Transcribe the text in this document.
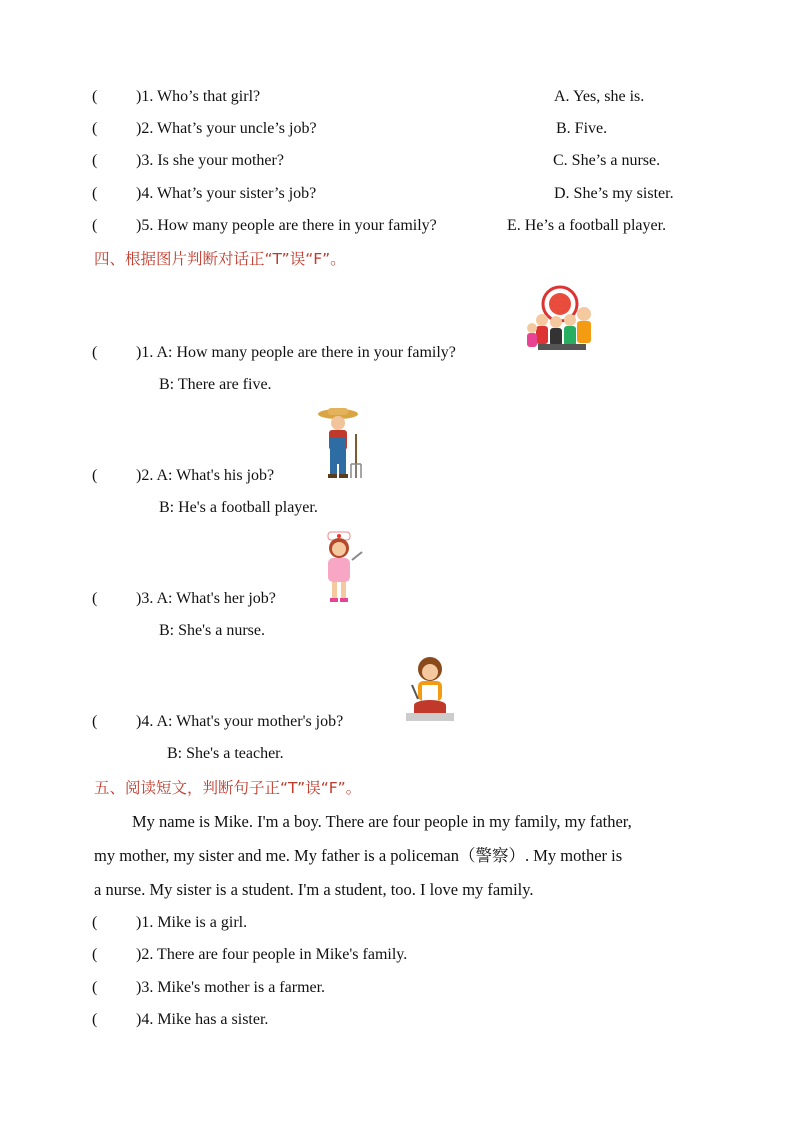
( )1. Who’s that girl?	A. Yes, she is.
( )2. What’s your uncle’s job?	B. Five.
( )3. Is she your mother?	C. She’s a nurse.
( )4. What’s your sister’s job?	D. She’s my sister.
( )5. How many people are there in your family?	E. He’s a football player.
四、根据图片判断对话正“T”误“F”。
( )1. A: How many people are there in your family?
B: There are five.
( )2. A: What's his job?
B: He's a football player.
( )3. A: What's her job?
B: She's a nurse.
( )4. A: What's your mother's job?
B: She's a teacher.
五、阅读短文，判断句子正“T”误“F”。
My name is Mike. I'm a boy. There are four people in my family, my father,
my mother, my sister and me. My father is a policeman（警察）. My mother is
a nurse. My sister is a student. I'm a student, too. I love my family.
( )1. Mike is a girl.
( )2. There are four people in Mike's family.
( )3. Mike's mother is a farmer.
( )4. Mike has a sister.
